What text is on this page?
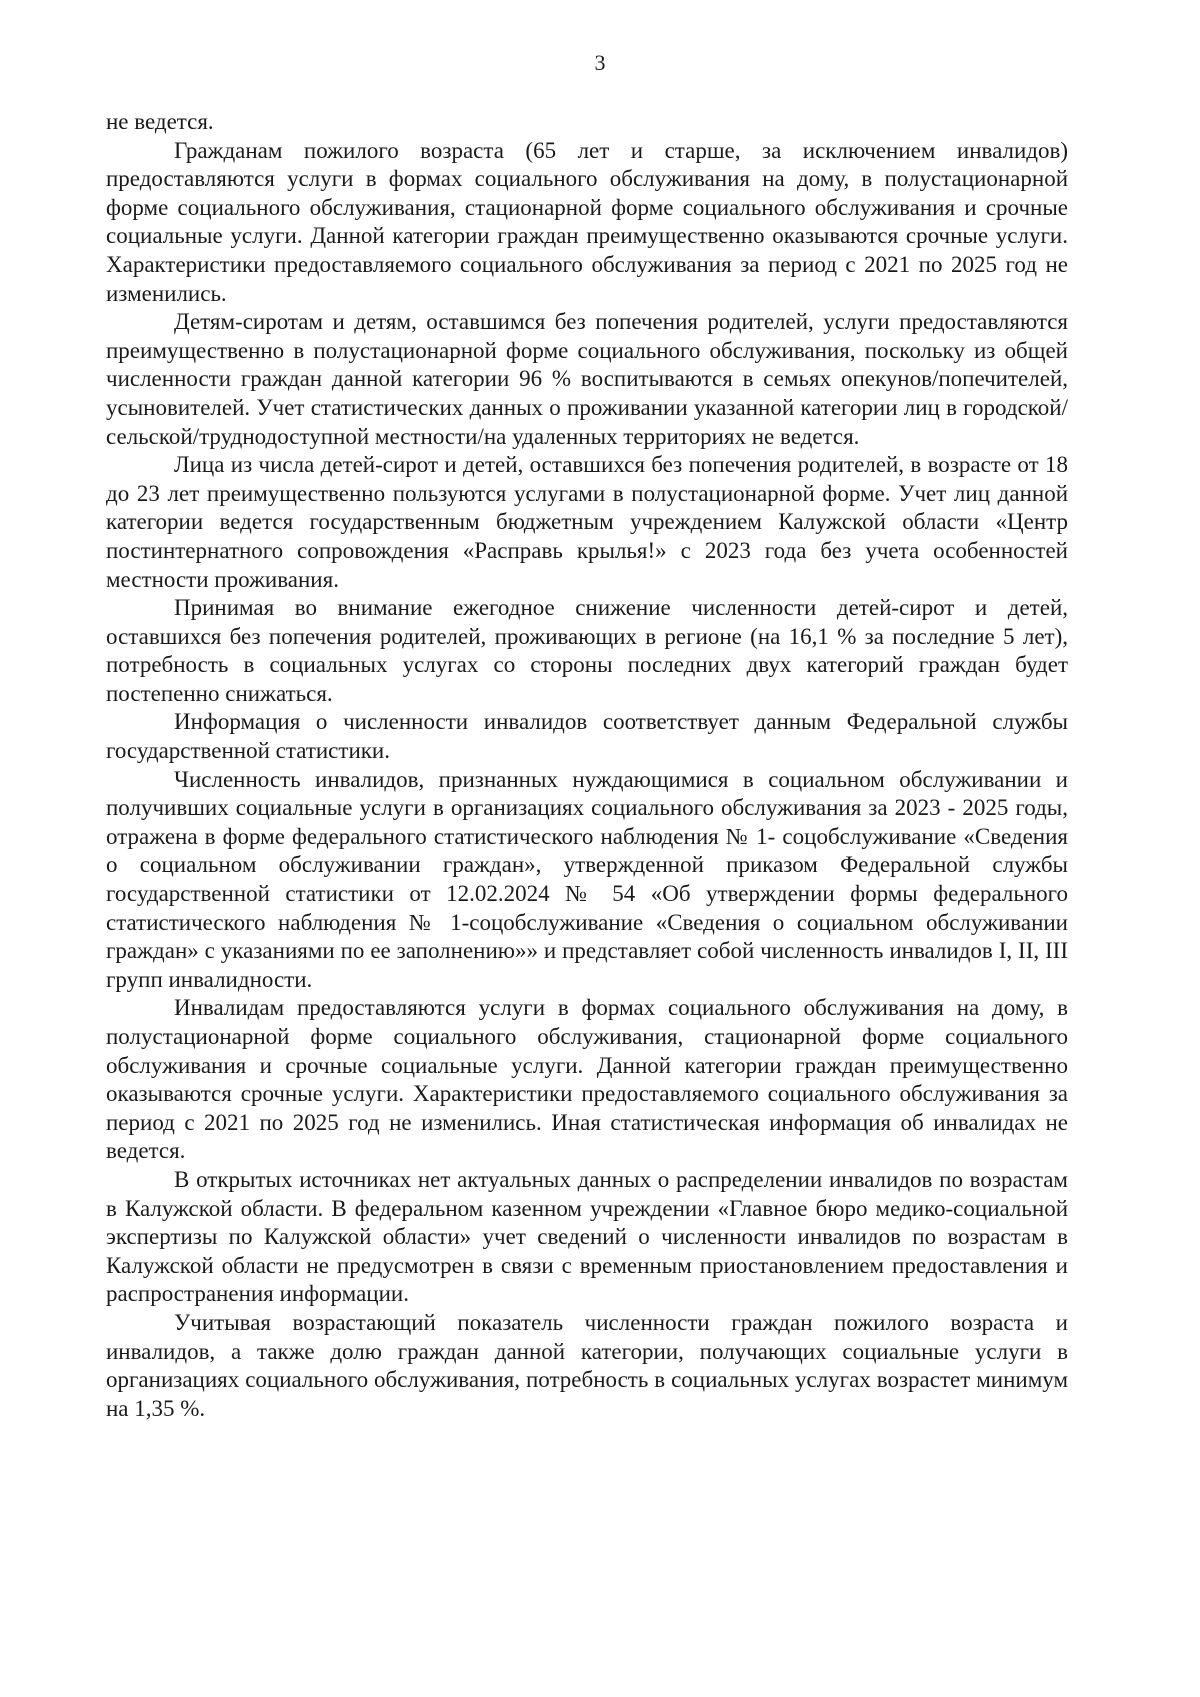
3

не ведется.

Гражданам пожилого возраста (65 лет и старше, за исключением инвалидов) предоставляются услуги в формах социального обслуживания на дому, в полустационарной форме социального обслуживания, стационарной форме социального обслуживания и срочные социальные услуги. Данной категории граждан преимущественно оказываются срочные услуги. Характеристики предоставляемого социального обслуживания за период с 2021 по 2025 год не изменились.

Детям-сиротам и детям, оставшимся без попечения родителей, услуги предоставляются преимущественно в полустационарной форме социального обслуживания, поскольку из общей численности граждан данной категории 96 % воспитываются в семьях опекунов/попечителей, усыновителей. Учет статистических данных о проживании указанной категории лиц в городской/сельской/труднодоступной местности/на удаленных территориях не ведется.

Лица из числа детей-сирот и детей, оставшихся без попечения родителей, в возрасте от 18 до 23 лет преимущественно пользуются услугами в полустационарной форме. Учет лиц данной категории ведется государственным бюджетным учреждением Калужской области «Центр постинтернатного сопровождения «Расправь крылья!» с 2023 года без учета особенностей местности проживания.

Принимая во внимание ежегодное снижение численности детей-сирот и детей, оставшихся без попечения родителей, проживающих в регионе (на 16,1 % за последние 5 лет), потребность в социальных услугах со стороны последних двух категорий граждан будет постепенно снижаться.

Информация о численности инвалидов соответствует данным Федеральной службы государственной статистики.

Численность инвалидов, признанных нуждающимися в социальном обслуживании и получивших социальные услуги в организациях социального обслуживания за 2023 - 2025 годы, отражена в форме федерального статистического наблюдения № 1- соцобслуживание «Сведения о социальном обслуживании граждан», утвержденной приказом Федеральной службы государственной статистики от 12.02.2024 № 54 «Об утверждении формы федерального статистического наблюдения № 1-соцобслуживание «Сведения о социальном обслуживании граждан» с указаниями по ее заполнению»» и представляет собой численность инвалидов I, II, III групп инвалидности.

Инвалидам предоставляются услуги в формах социального обслуживания на дому, в полустационарной форме социального обслуживания, стационарной форме социального обслуживания и срочные социальные услуги. Данной категории граждан преимущественно оказываются срочные услуги. Характеристики предоставляемого социального обслуживания за период с 2021 по 2025 год не изменились. Иная статистическая информация об инвалидах не ведется.

В открытых источниках нет актуальных данных о распределении инвалидов по возрастам в Калужской области. В федеральном казенном учреждении «Главное бюро медико-социальной экспертизы по Калужской области» учет сведений о численности инвалидов по возрастам в Калужской области не предусмотрен в связи с временным приостановлением предоставления и распространения информации.

Учитывая возрастающий показатель численности граждан пожилого возраста и инвалидов, а также долю граждан данной категории, получающих социальные услуги в организациях социального обслуживания, потребность в социальных услугах возрастет минимум на 1,35 %.
